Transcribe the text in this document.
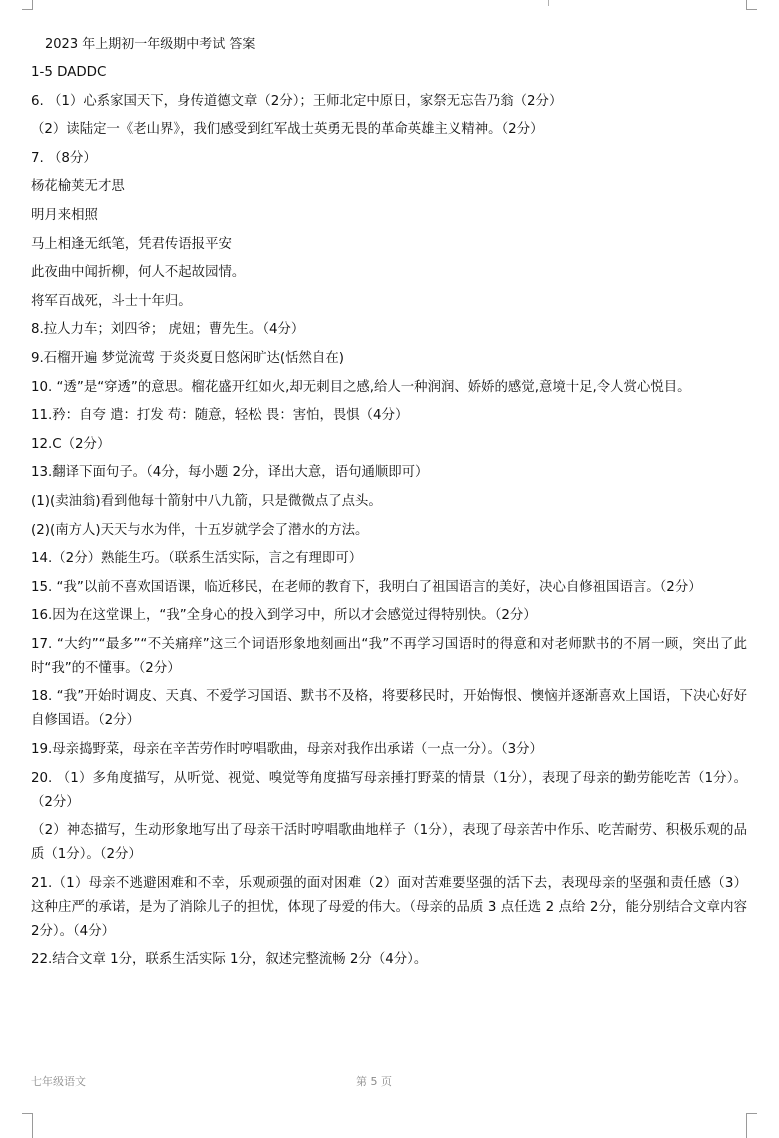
2023 年上期初一年级期中考试 答案
1-5 DADDC
6. （1）心系家国天下，身传道德文章（2分）；王师北定中原日，家祭无忘告乃翁（2分）
（2）读陆定一《老山界》，我们感受到红军战士英勇无畏的革命英雄主义精神。（2分）
7. （8分）
杨花榆荚无才思
明月来相照
马上相逢无纸笔，凭君传语报平安
此夜曲中闻折柳，何人不起故园情。
将军百战死，斗士十年归。
8.拉人力车；刘四爷； 虎妞；曹先生。（4分）
9.石榴开遍 梦觉流莺 于炎炎夏日悠闲旷达(恬然自在)
10. “透”是“穿透”的意思。榴花盛开红如火,却无刺目之感,给人一种润润、娇娇的感觉,意境十足,令人赏心悦目。
11.矜：自夸 遣：打发 苟：随意，轻松 畏：害怕，畏惧（4分）
12.C（2分）
13.翻译下面句子。（4分，每小题 2分，译出大意，语句通顺即可）
(1)(卖油翁)看到他每十箭射中八九箭，只是微微点了点头。
(2)(南方人)天天与水为伴，十五岁就学会了潜水的方法。
14.（2分）熟能生巧。（联系生活实际，言之有理即可）
15. “我”以前不喜欢国语课，临近移民，在老师的教育下，我明白了祖国语言的美好，决心自修祖国语言。（2分）
16.因为在这堂课上，“我”全身心的投入到学习中，所以才会感觉过得特别快。（2分）
17. “大约”“最多”“不关痛痒”这三个词语形象地刻画出“我”不再学习国语时的得意和对老师默书的不屑一顾，突出了此时“我”的不懂事。（2分）
18. “我”开始时调皮、天真、不爱学习国语、默书不及格，将要移民时，开始悔恨、懊恼并逐渐喜欢上国语，下决心好好自修国语。（2分）
19.母亲捣野菜，母亲在辛苦劳作时哼唱歌曲，母亲对我作出承诺（一点一分）。（3分）
20. （1）多角度描写，从听觉、视觉、嗅觉等角度描写母亲捶打野菜的情景（1分），表现了母亲的勤劳能吃苦（1分）。（2分）
（2）神态描写，生动形象地写出了母亲干活时哼唱歌曲地样子（1分），表现了母亲苦中作乐、吃苦耐劳、积极乐观的品质（1分）。（2分）
21.（1）母亲不逃避困难和不幸，乐观顽强的面对困难（2）面对苦难要坚强的活下去，表现母亲的坚强和责任感（3）这种庄严的承诺，是为了消除儿子的担忧，体现了母爱的伟大。（母亲的品质 3 点任选 2 点给 2分，能分别结合文章内容 2分）。（4分）
22.结合文章 1分，联系生活实际 1分，叙述完整流畅 2分（4分）。
七年级语文	第 5 页
